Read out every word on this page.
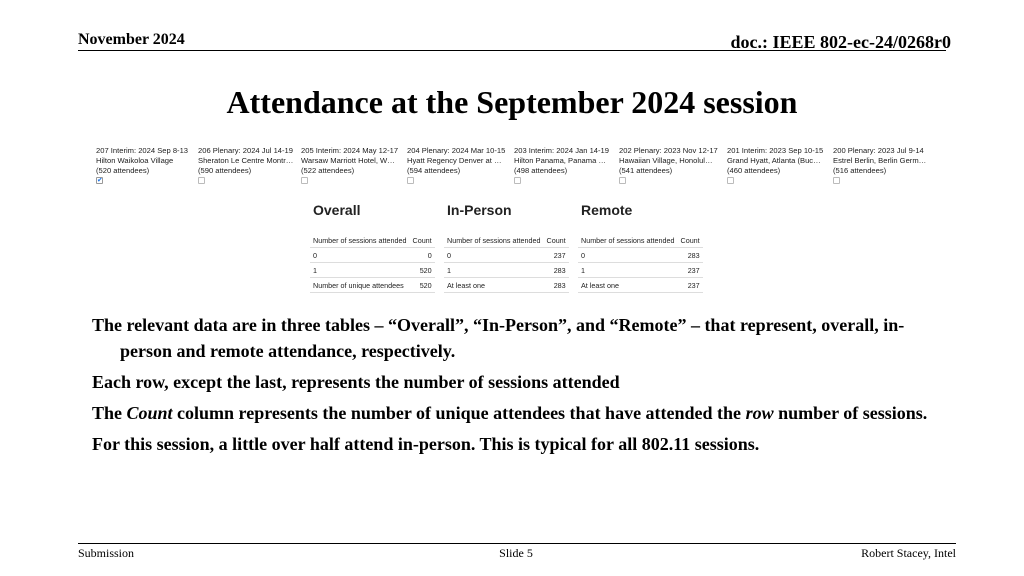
November 2024	doc.: IEEE 802-ec-24/0268r0
Attendance at the September 2024 session
207 Interim: 2024 Sep 8-13
Hilton Waikoloa Village
(520 attendees)
✔
206 Plenary: 2024 Jul 14-19
Sheraton Le Centre Montr…
(590 attendees)
205 Interim: 2024 May 12-17
Warsaw Marriott Hotel, W…
(522 attendees)
204 Plenary: 2024 Mar 10-15
Hyatt Regency Denver at …
(594 attendees)
203 Interim: 2024 Jan 14-19
Hilton Panama, Panama …
(498 attendees)
202 Plenary: 2023 Nov 12-17
Hawaiian Village, Honolul…
(541 attendees)
201 Interim: 2023 Sep 10-15
Grand Hyatt, Atlanta (Buc…
(460 attendees)
200 Plenary: 2023 Jul 9-14
Estrel Berlin, Berlin Germ…
(516 attendees)
Overall
Number of sessions attended	Count
0	0
1	520
Number of unique attendees	520
In-Person
Number of sessions attended	Count
0	237
1	283
At least one	283
Remote
Number of sessions attended	Count
0	283
1	237
At least one	237
The relevant data are in three tables – “Overall”, “In-Person”, and “Remote” – that represent, overall, in-person and remote attendance, respectively.
Each row, except the last, represents the number of sessions attended
The Count column represents the number of unique attendees that have attended the row number of sessions.
For this session, a little over half attend in-person. This is typical for all 802.11 sessions.
Submission	Slide 5	Robert Stacey, Intel
